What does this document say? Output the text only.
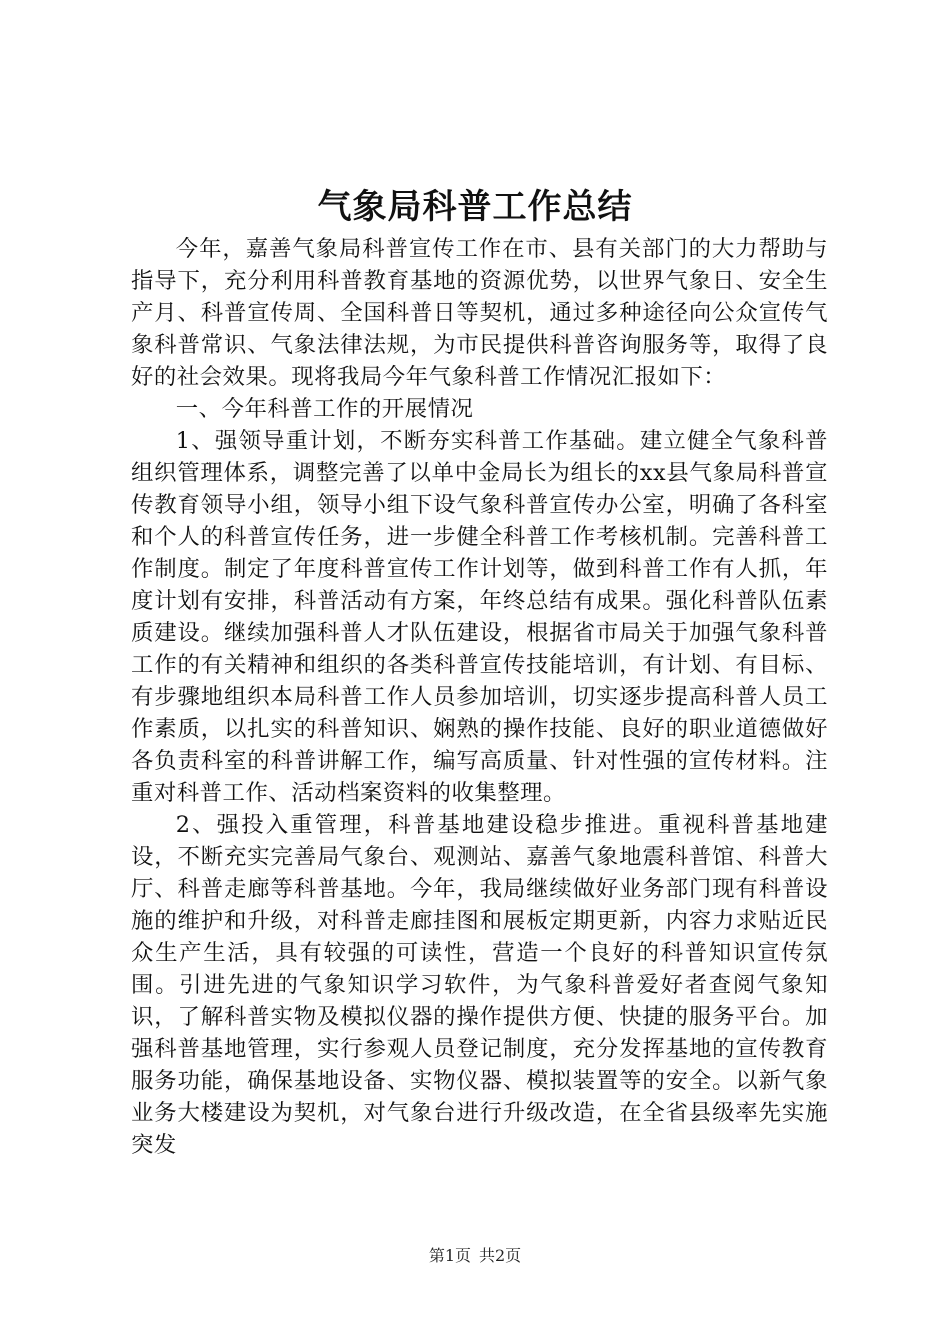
气象局科普工作总结

今年，嘉善气象局科普宣传工作在市、县有关部门的大力帮助与指导下，充分利用科普教育基地的资源优势，以世界气象日、安全生产月、科普宣传周、全国科普日等契机，通过多种途径向公众宣传气象科普常识、气象法律法规，为市民提供科普咨询服务等，取得了良好的社会效果。现将我局今年气象科普工作情况汇报如下：

一、今年科普工作的开展情况

1、强领导重计划，不断夯实科普工作基础。建立健全气象科普组织管理体系，调整完善了以单中金局长为组长的xx县气象局科普宣传教育领导小组，领导小组下设气象科普宣传办公室，明确了各科室和个人的科普宣传任务，进一步健全科普工作考核机制。完善科普工作制度。制定了年度科普宣传工作计划等，做到科普工作有人抓，年度计划有安排，科普活动有方案，年终总结有成果。强化科普队伍素质建设。继续加强科普人才队伍建设，根据省市局关于加强气象科普工作的有关精神和组织的各类科普宣传技能培训，有计划、有目标、有步骤地组织本局科普工作人员参加培训，切实逐步提高科普人员工作素质，以扎实的科普知识、娴熟的操作技能、良好的职业道德做好各负责科室的科普讲解工作，编写高质量、针对性强的宣传材料。注重对科普工作、活动档案资料的收集整理。

2、强投入重管理，科普基地建设稳步推进。重视科普基地建设，不断充实完善局气象台、观测站、嘉善气象地震科普馆、科普大厅、科普走廊等科普基地。今年，我局继续做好业务部门现有科普设施的维护和升级，对科普走廊挂图和展板定期更新，内容力求贴近民众生产生活，具有较强的可读性，营造一个良好的科普知识宣传氛围。引进先进的气象知识学习软件，为气象科普爱好者查阅气象知识，了解科普实物及模拟仪器的操作提供方便、快捷的服务平台。加强科普基地管理，实行参观人员登记制度，充分发挥基地的宣传教育服务功能，确保基地设备、实物仪器、模拟装置等的安全。以新气象业务大楼建设为契机，对气象台进行升级改造，在全省县级率先实施突发

第1页 共2页
